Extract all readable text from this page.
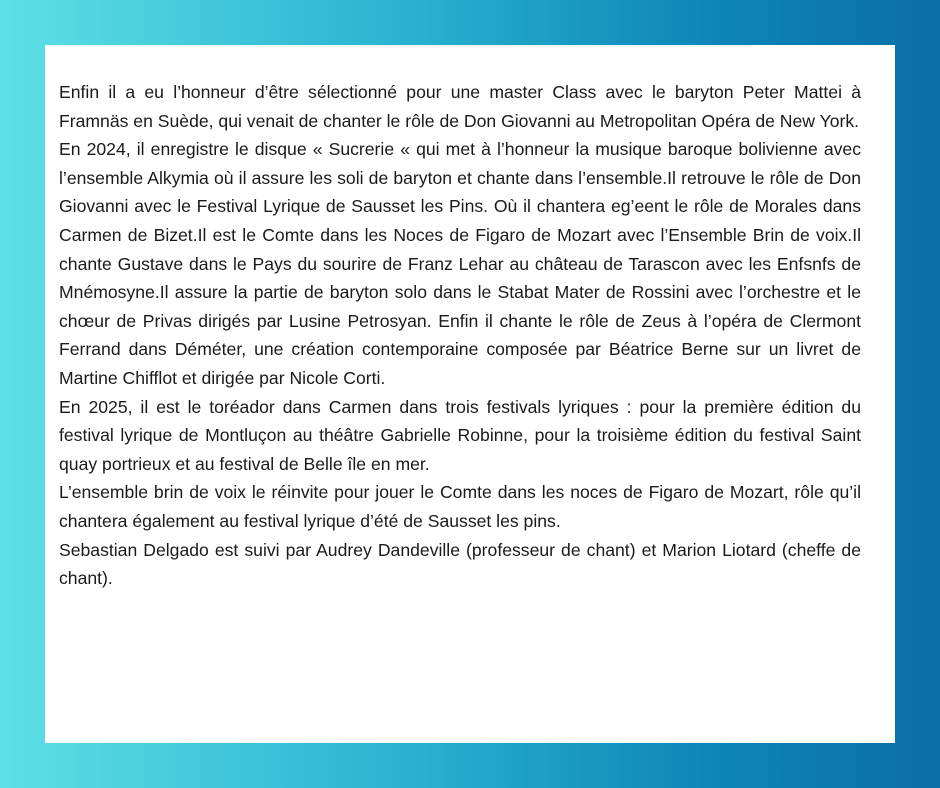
Enfin il a eu l’honneur d’être sélectionné pour une master Class avec le baryton Peter Mattei à Framnäs en Suède, qui venait de chanter le rôle de Don Giovanni au Metropolitan Opéra de New York.

En 2024, il enregistre le disque « Sucrerie « qui met à l’honneur la musique baroque bolivienne avec l’ensemble Alkymia où il assure les soli de baryton et chante dans l’ensemble.Il retrouve le rôle de Don Giovanni avec le Festival Lyrique de Sausset les Pins. Où il chantera eg’eent le rôle de Morales dans Carmen de Bizet.Il est le Comte dans les Noces de Figaro de Mozart avec l’Ensemble Brin de voix.Il chante Gustave dans le Pays du sourire de Franz Lehar au château de Tarascon avec les Enfsnfs de Mnémosyne.Il assure la partie de baryton solo dans le Stabat Mater de Rossini avec l’orchestre et le chœur de Privas dirigés par Lusine Petrosyan. Enfin il chante le rôle de Zeus à l’opéra de Clermont Ferrand dans Déméter, une création contemporaine composée par Béatrice Berne sur un livret de Martine Chifflot et dirigée par Nicole Corti.

En 2025, il est le toréador dans Carmen dans trois festivals lyriques : pour la première édition du festival lyrique de Montluçon au théâtre Gabrielle Robinne, pour la troisième édition du festival Saint quay portrieux et au festival de Belle île en mer.

L’ensemble brin de voix le réinvite pour jouer le Comte dans les noces de Figaro de Mozart, rôle qu’il chantera également au festival lyrique d’été de Sausset les pins.

Sebastian Delgado est suivi par Audrey Dandeville (professeur de chant) et Marion Liotard (cheffe de chant).
